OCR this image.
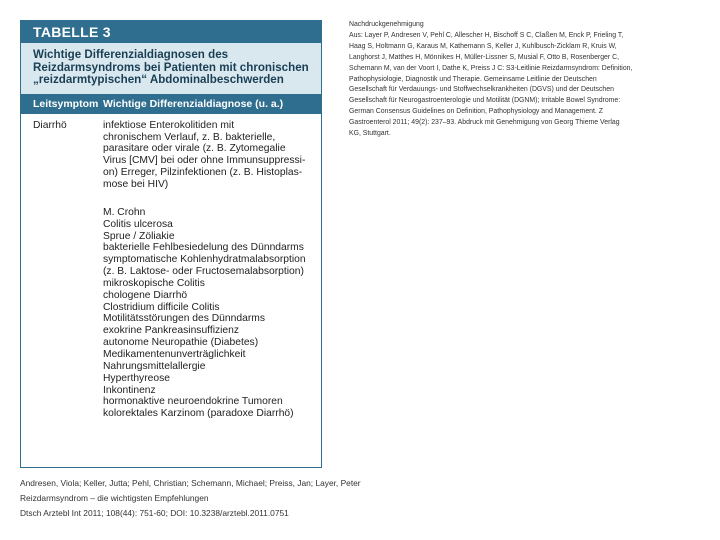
TABELLE 3
Wichtige Differenzialdiagnosen des
Reizdarmsyndroms bei Patienten mit chronischen
„reizdarmtypischen“ Abdominalbeschwerden
Leitsymptom Wichtige Differenzialdiagnose (u. a.)
Diarrhö	infektiose Enterokolitiden mit
chronischem Verlauf, z. B. bakterielle,
parasitare oder virale (z. B. Zytomegalie
Virus [CMV] bei oder ohne Immunsuppressi-
on) Erreger, Pilzinfektionen (z. B. Histoplas-
mose bei HIV)
M. Crohn
Colitis ulcerosa
Sprue / Zöliakie
bakterielle Fehlbesiedelung des Dünndarms
symptomatische Kohlenhydratmalabsorption
(z. B. Laktose- oder Fructosemalabsorption)
mikroskopische Colitis
chologene Diarrhö
Clostridium difficile Colitis
Motilitätsstörungen des Dünndarms
exokrine Pankreasinsuffizienz
autonome Neuropathie (Diabetes)
Medikamentenunverträglichkeit
Nahrungsmittelallergie
Hyperthyreose
Inkontinenz
hormonaktive neuroendokrine Tumoren
kolorektales Karzinom (paradoxe Diarrhö)
Nachdruckgenehmigung
Aus: Layer P, Andresen V, Pehl C, Allescher H, Bischoff S C, Claßen M, Enck P, Frieling T,
Haag S, Holtmann G, Karaus M, Kathemann S, Keller J, Kuhlbusch-Zicklam R, Kruis W,
Langhorst J, Matthes H, Mönnikes H, Müller-Lissner S, Musial F, Otto B, Rosenberger C,
Schemann M, van der Voort I, Dathe K, Preiss J C: S3-Leitlinie Reizdarmsyndrom: Definition,
Pathophysiologie, Diagnostik und Therapie. Gemeinsame Leitlinie der Deutschen
Gesellschaft für Verdauungs- und Stoffwechselkrankheiten (DGVS) und der Deutschen
Gesellschaft für Neurogastroenterologie und Motilität (DGNM); Irritable Bowel Syndrome:
German Consensus Guidelines on Definition, Pathophysiology and Management. Z
Gastroenterol 2011; 49(2): 237–93. Abdruck mit Genehmigung von Georg Thieme Verlag
KG, Stuttgart.
Andresen, Viola; Keller, Jutta; Pehl, Christian; Schemann, Michael; Preiss, Jan; Layer, Peter
Reizdarmsyndrom – die wichtigsten Empfehlungen
Dtsch Arztebl Int 2011; 108(44): 751-60; DOI: 10.3238/arztebl.2011.0751
